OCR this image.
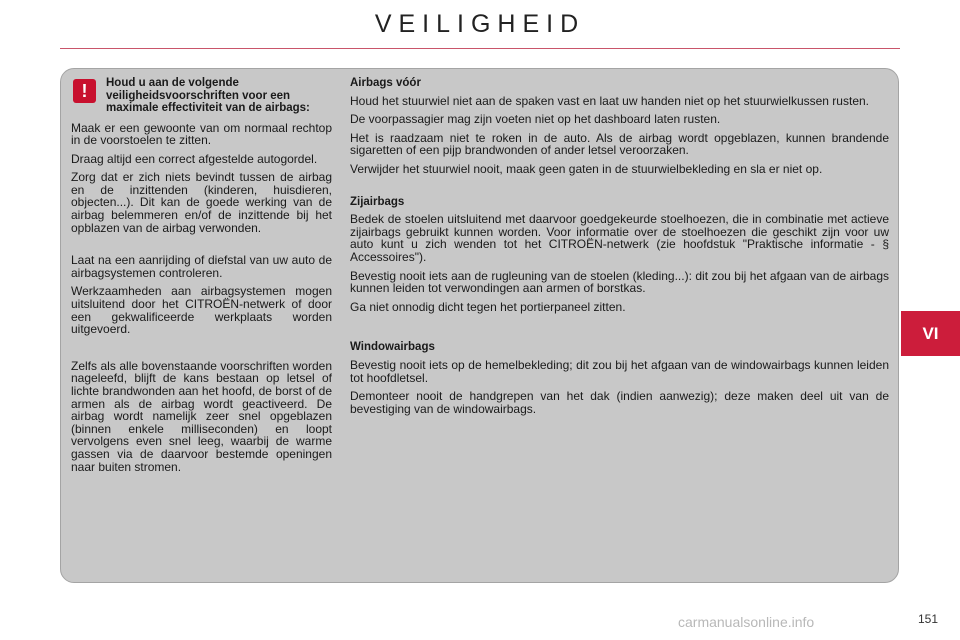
VEILIGHEID
!	Houd u aan de volgende veiligheidsvoorschriften voor een maximale effectiviteit van de airbags:

Maak er een gewoonte van om normaal rechtop in de voorstoelen te zitten.

Draag altijd een correct afgestelde autogordel.

Zorg dat er zich niets bevindt tussen de airbag en de inzittenden (kinderen, huisdieren, objecten...). Dit kan de goede werking van de airbag belemmeren en/of de inzittende bij het opblazen van de airbag verwonden.

Laat na een aanrijding of diefstal van uw auto de airbagsystemen controleren.

Werkzaamheden aan airbagsystemen mogen uitsluitend door het CITROËN-netwerk of door een gekwalificeerde werkplaats worden uitgevoerd.

Zelfs als alle bovenstaande voorschriften worden nageleefd, blijft de kans bestaan op letsel of lichte brandwonden aan het hoofd, de borst of de armen als de airbag wordt geactiveerd. De airbag wordt namelijk zeer snel opgeblazen (binnen enkele milliseconden) en loopt vervolgens even snel leeg, waarbij de warme gassen via de daarvoor bestemde openingen naar buiten stromen.

Airbags vóór

Houd het stuurwiel niet aan de spaken vast en laat uw handen niet op het stuurwielkussen rusten.

De voorpassagier mag zijn voeten niet op het dashboard laten rusten.

Het is raadzaam niet te roken in de auto. Als de airbag wordt opgeblazen, kunnen brandende sigaretten of een pijp brandwonden of ander letsel veroorzaken.

Verwijder het stuurwiel nooit, maak geen gaten in de stuurwielbekleding en sla er niet op.

Zijairbags

Bedek de stoelen uitsluitend met daarvoor goedgekeurde stoelhoezen, die in combinatie met actieve zijairbags gebruikt kunnen worden. Voor informatie over de stoelhoezen die geschikt zijn voor uw auto kunt u zich wenden tot het CITROËN-netwerk (zie hoofdstuk "Praktische informatie - § Accessoires").

Bevestig nooit iets aan de rugleuning van de stoelen (kleding...): dit zou bij het afgaan van de airbags kunnen leiden tot verwondingen aan armen of borstkas.

Ga niet onnodig dicht tegen het portierpaneel zitten.

Windowairbags

Bevestig nooit iets op de hemelbekleding; dit zou bij het afgaan van de windowairbags kunnen leiden tot hoofdletsel.

Demonteer nooit de handgrepen van het dak (indien aanwezig); deze maken deel uit van de bevestiging van de windowairbags.

VI
carmanualsonline.info	151
